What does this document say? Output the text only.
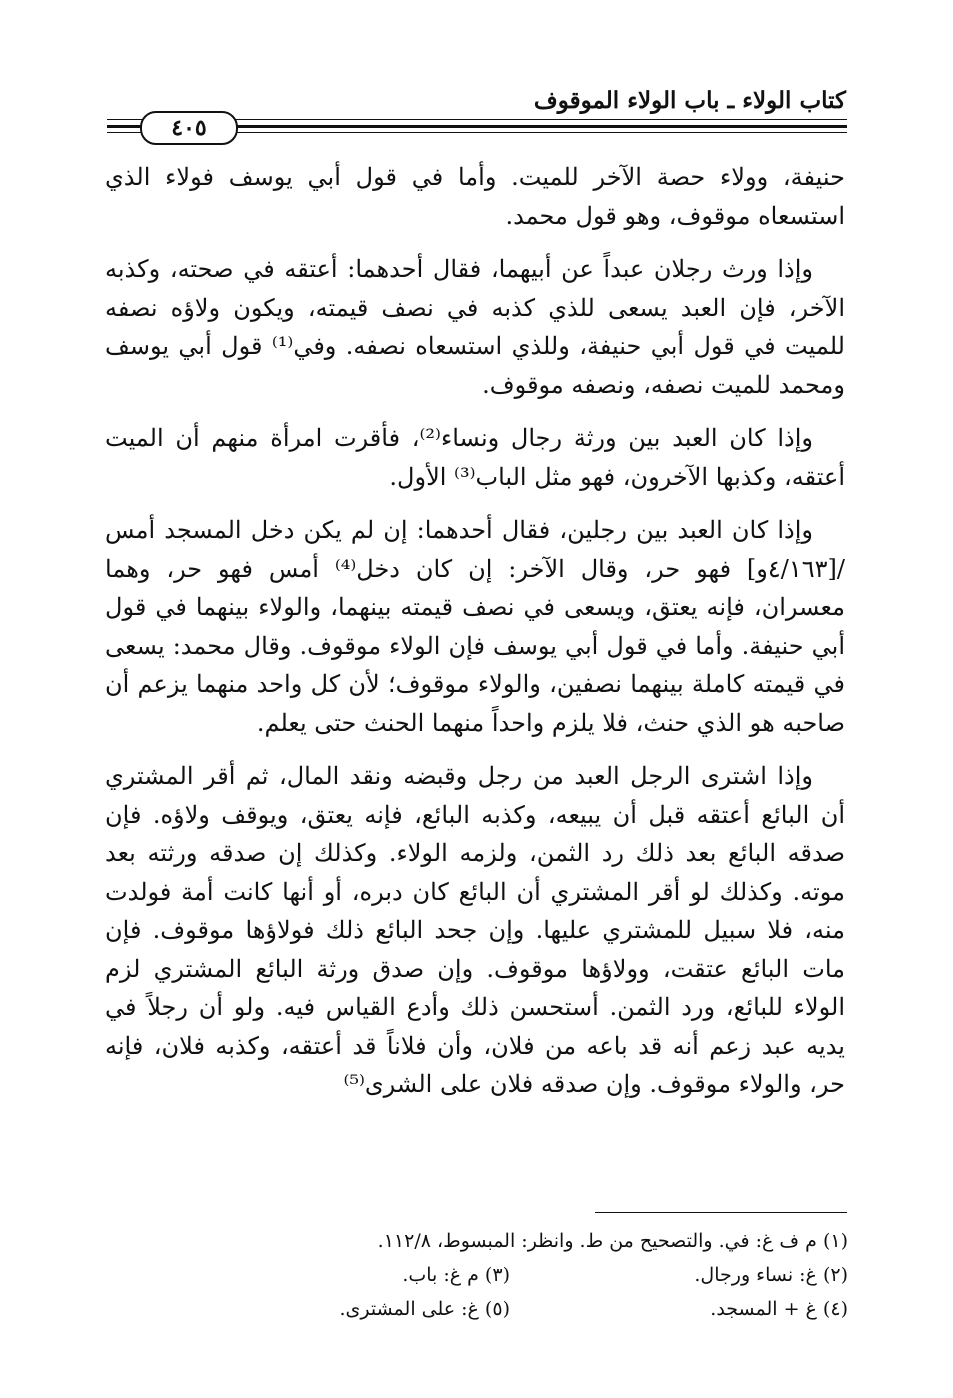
كتاب الولاء ـ باب الولاء الموقوف
٤٠٥

حنيفة، وولاء حصة الآخر للميت. وأما في قول أبي يوسف فولاء الذي استسعاه موقوف، وهو قول محمد.

وإذا ورث رجلان عبداً عن أبيهما، فقال أحدهما: أعتقه في صحته، وكذبه الآخر، فإن العبد يسعى للذي كذبه في نصف قيمته، ويكون ولاؤه نصفه للميت في قول أبي حنيفة، وللذي استسعاه نصفه. وفي⁽¹⁾ قول أبي يوسف ومحمد للميت نصفه، ونصفه موقوف.

وإذا كان العبد بين ورثة رجال ونساء⁽²⁾، فأقرت امرأة منهم أن الميت أعتقه، وكذبها الآخرون، فهو مثل الباب⁽³⁾ الأول.

وإذا كان العبد بين رجلين، فقال أحدهما: إن لم يكن دخل المسجد أمس /[٤/١٦٣و] فهو حر، وقال الآخر: إن كان دخل⁽⁴⁾ أمس فهو حر، وهما معسران، فإنه يعتق، ويسعى في نصف قيمته بينهما، والولاء بينهما في قول أبي حنيفة. وأما في قول أبي يوسف فإن الولاء موقوف. وقال محمد: يسعى في قيمته كاملة بينهما نصفين، والولاء موقوف؛ لأن كل واحد منهما يزعم أن صاحبه هو الذي حنث، فلا يلزم واحداً منهما الحنث حتى يعلم.

وإذا اشترى الرجل العبد من رجل وقبضه ونقد المال، ثم أقر المشتري أن البائع أعتقه قبل أن يبيعه، وكذبه البائع، فإنه يعتق، ويوقف ولاؤه. فإن صدقه البائع بعد ذلك رد الثمن، ولزمه الولاء. وكذلك إن صدقه ورثته بعد موته. وكذلك لو أقر المشتري أن البائع كان دبره، أو أنها كانت أمة فولدت منه، فلا سبيل للمشتري عليها. وإن جحد البائع ذلك فولاؤها موقوف. فإن مات البائع عتقت، وولاؤها موقوف. وإن صدق ورثة البائع المشتري لزم الولاء للبائع، ورد الثمن. أستحسن ذلك وأدع القياس فيه. ولو أن رجلاً في يديه عبد زعم أنه قد باعه من فلان، وأن فلاناً قد أعتقه، وكذبه فلان، فإنه حر، والولاء موقوف. وإن صدقه فلان على الشرى⁽⁵⁾

(١) م ف غ: في. والتصحيح من ط. وانظر: المبسوط، ١١٢/٨.
(٢) غ: نساء ورجال.
(٣) م غ: باب.
(٤) غ + المسجد.
(٥) غ: على المشترى.
